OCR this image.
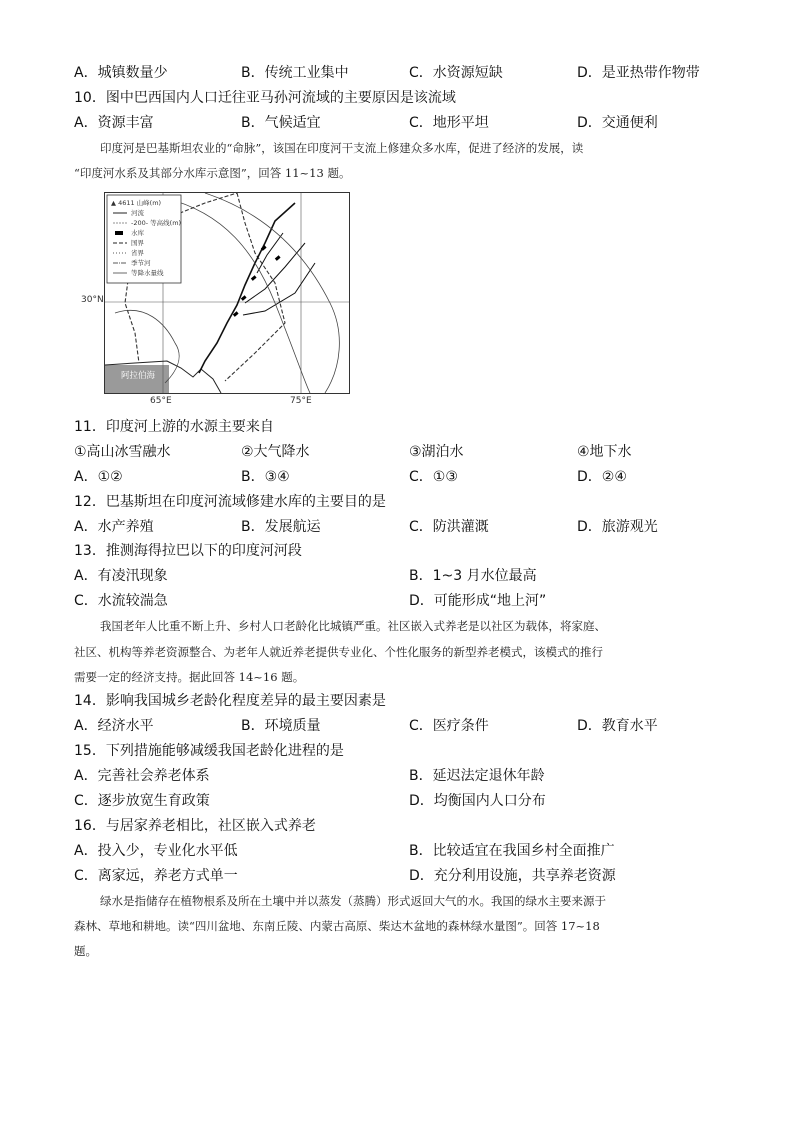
A．城镇数量少	B．传统工业集中	C．水资源短缺	D．是亚热带作物带
10．图中巴西国内人口迁往亚马孙河流域的主要原因是该流域
A．资源丰富	B．气候适宜	C．地形平坦	D．交通便利
印度河是巴基斯坦农业的“命脉”，该国在印度河干支流上修建众多水库，促进了经济的发展，读
“印度河水系及其部分水库示意图”，回答 11~13 题。
阿拉伯海
▲ 4611 山峰(m)
河流
-200- 等高线(m)
水库
国界
省界
季节河
等降水量线
30°N
65°E	75°E
11．印度河上游的水源主要来自
①高山冰雪融水	②大气降水	③湖泊水	④地下水
A．①②	B．③④	C．①③	D．②④
12．巴基斯坦在印度河流域修建水库的主要目的是
A．水产养殖	B．发展航运	C．防洪灌溉	D．旅游观光
13．推测海得拉巴以下的印度河河段
A．有凌汛现象	B．1~3 月水位最高
C．水流较湍急	D．可能形成“地上河”
我国老年人比重不断上升、乡村人口老龄化比城镇严重。社区嵌入式养老是以社区为载体，将家庭、
社区、机构等养老资源整合、为老年人就近养老提供专业化、个性化服务的新型养老模式，该模式的推行
需要一定的经济支持。据此回答 14~16 题。
14．影响我国城乡老龄化程度差异的最主要因素是
A．经济水平	B．环境质量	C．医疗条件	D．教育水平
15．下列措施能够减缓我国老龄化进程的是
A．完善社会养老体系	B．延迟法定退休年龄
C．逐步放宽生育政策	D．均衡国内人口分布
16．与居家养老相比，社区嵌入式养老
A．投入少，专业化水平低	B．比较适宜在我国乡村全面推广
C．离家远，养老方式单一	D．充分利用设施，共享养老资源
绿水是指储存在植物根系及所在土壤中并以蒸发（蒸腾）形式返回大气的水。我国的绿水主要来源于
森林、草地和耕地。读“四川盆地、东南丘陵、内蒙古高原、柴达木盆地的森林绿水量图”。回答 17~18
题。
